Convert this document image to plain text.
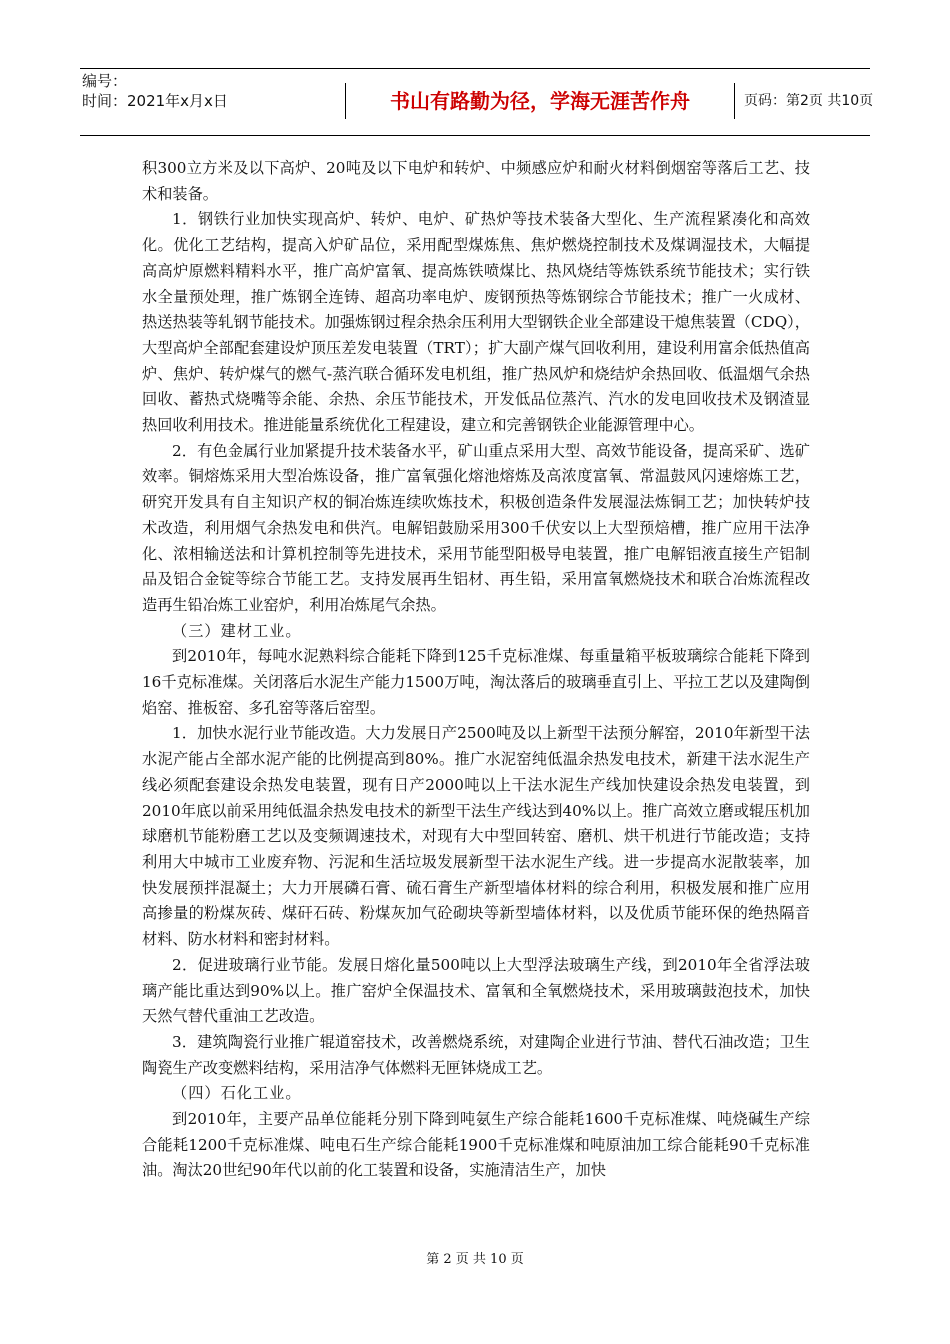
编号：
时间：2021年x月x日	书山有路勤为径，学海无涯苦作舟	页码：第2页 共10页

积300立方米及以下高炉、20吨及以下电炉和转炉、中频感应炉和耐火材料倒烟窑等落后工艺、技术和装备。

1．钢铁行业加快实现高炉、转炉、电炉、矿热炉等技术装备大型化、生产流程紧凑化和高效化。优化工艺结构，提高入炉矿品位，采用配型煤炼焦、焦炉燃烧控制技术及煤调湿技术，大幅提高高炉原燃料精料水平，推广高炉富氧、提高炼铁喷煤比、热风烧结等炼铁系统节能技术；实行铁水全量预处理，推广炼钢全连铸、超高功率电炉、废钢预热等炼钢综合节能技术；推广一火成材、热送热装等轧钢节能技术。加强炼钢过程余热余压利用大型钢铁企业全部建设干熄焦装置（CDQ），大型高炉全部配套建设炉顶压差发电装置（TRT）；扩大副产煤气回收利用，建设利用富余低热值高炉、焦炉、转炉煤气的燃气-蒸汽联合循环发电机组，推广热风炉和烧结炉余热回收、低温烟气余热回收、蓄热式烧嘴等余能、余热、余压节能技术，开发低品位蒸汽、汽水的发电回收技术及钢渣显热回收利用技术。推进能量系统优化工程建设，建立和完善钢铁企业能源管理中心。

2．有色金属行业加紧提升技术装备水平，矿山重点采用大型、高效节能设备，提高采矿、选矿效率。铜熔炼采用大型冶炼设备，推广富氧强化熔池熔炼及高浓度富氧、常温鼓风闪速熔炼工艺，研究开发具有自主知识产权的铜冶炼连续吹炼技术，积极创造条件发展湿法炼铜工艺；加快转炉技术改造，利用烟气余热发电和供汽。电解铝鼓励采用300千伏安以上大型预焙槽，推广应用干法净化、浓相输送法和计算机控制等先进技术，采用节能型阳极导电装置，推广电解铝液直接生产铝制品及铝合金锭等综合节能工艺。支持发展再生铝材、再生铅，采用富氧燃烧技术和联合冶炼流程改造再生铅冶炼工业窑炉，利用冶炼尾气余热。

（三）建材工业。

到2010年，每吨水泥熟料综合能耗下降到125千克标准煤、每重量箱平板玻璃综合能耗下降到16千克标准煤。关闭落后水泥生产能力1500万吨，淘汰落后的玻璃垂直引上、平拉工艺以及建陶倒焰窑、推板窑、多孔窑等落后窑型。

1．加快水泥行业节能改造。大力发展日产2500吨及以上新型干法预分解窑，2010年新型干法水泥产能占全部水泥产能的比例提高到80%。推广水泥窑纯低温余热发电技术，新建干法水泥生产线必须配套建设余热发电装置，现有日产2000吨以上干法水泥生产线加快建设余热发电装置，到2010年底以前采用纯低温余热发电技术的新型干法生产线达到40%以上。推广高效立磨或辊压机加球磨机节能粉磨工艺以及变频调速技术，对现有大中型回转窑、磨机、烘干机进行节能改造；支持利用大中城市工业废弃物、污泥和生活垃圾发展新型干法水泥生产线。进一步提高水泥散装率，加快发展预拌混凝土；大力开展磷石膏、硫石膏生产新型墙体材料的综合利用，积极发展和推广应用高掺量的粉煤灰砖、煤矸石砖、粉煤灰加气砼砌块等新型墙体材料，以及优质节能环保的绝热隔音材料、防水材料和密封材料。

2．促进玻璃行业节能。发展日熔化量500吨以上大型浮法玻璃生产线，到2010年全省浮法玻璃产能比重达到90%以上。推广窑炉全保温技术、富氧和全氧燃烧技术，采用玻璃鼓泡技术，加快天然气替代重油工艺改造。

3．建筑陶瓷行业推广辊道窑技术，改善燃烧系统，对建陶企业进行节油、替代石油改造；卫生陶瓷生产改变燃料结构，采用洁净气体燃料无匣钵烧成工艺。

（四）石化工业。

到2010年，主要产品单位能耗分别下降到吨氨生产综合能耗1600千克标准煤、吨烧碱生产综合能耗1200千克标准煤、吨电石生产综合能耗1900千克标准煤和吨原油加工综合能耗90千克标准油。淘汰20世纪90年代以前的化工装置和设备，实施清洁生产，加快

第 2 页 共 10 页
